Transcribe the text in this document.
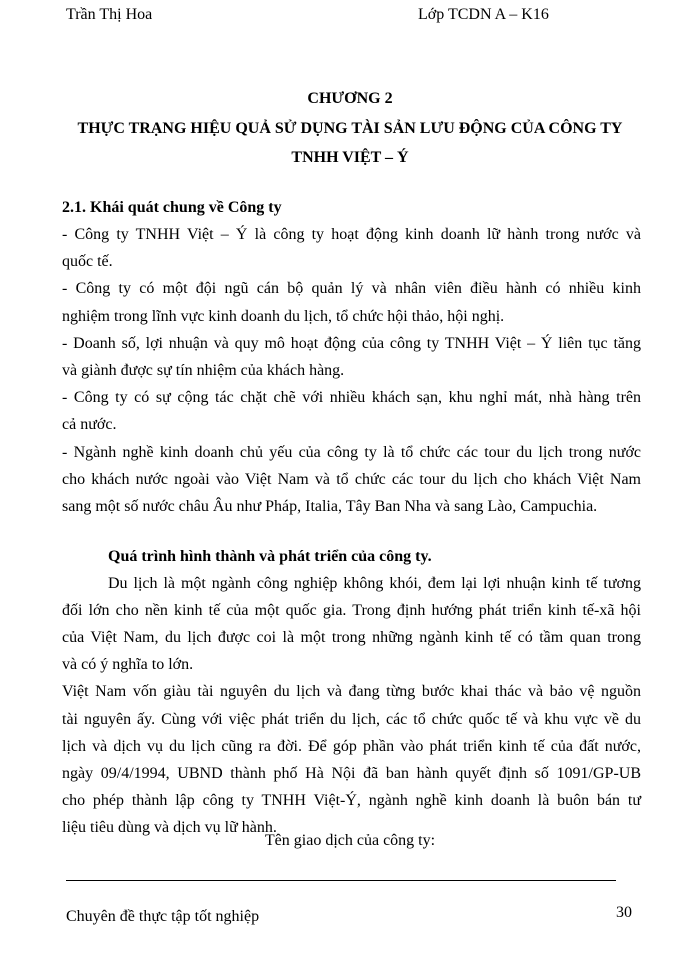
Trần Thị Hoa	Lớp TCDN A – K16
CHƯƠNG 2
THỰC TRẠNG HIỆU QUẢ SỬ DỤNG TÀI SẢN LƯU ĐỘNG CỦA CÔNG TY
TNHH VIỆT – Ý
2.1. Khái quát chung về Công ty
- Công ty TNHH Việt – Ý là công ty hoạt động kinh doanh lữ hành trong nước và
quốc tế.
- Công ty có một đội ngũ cán bộ quản lý và nhân viên điều hành có nhiều kinh
nghiệm trong lĩnh vực kinh doanh du lịch, tổ chức hội thảo, hội nghị.
- Doanh số, lợi nhuận và quy mô hoạt động của công ty TNHH Việt – Ý liên tục tăng
và giành được sự tín nhiệm của khách hàng.
- Công ty có sự cộng tác chặt chẽ với nhiều khách sạn, khu nghỉ mát, nhà hàng trên
cả nước.
- Ngành nghề kinh doanh chủ yếu của công ty là tổ chức các tour du lịch trong nước
cho khách nước ngoài vào Việt Nam và tổ chức các tour du lịch cho khách Việt Nam
sang một số nước châu Âu như Pháp, Italia, Tây Ban Nha và sang Lào, Campuchia.
Quá trình hình thành và phát triển của công ty.
Du lịch là một ngành công nghiệp không khói, đem lại lợi nhuận kinh tế tương
đối lớn cho nền kinh tế của một quốc gia. Trong định hướng phát triển kinh tế-xã hội
của Việt Nam, du lịch được coi là một trong những ngành kinh tế có tầm quan trong
và có ý nghĩa to lớn.
Việt Nam vốn giàu tài nguyên du lịch và đang từng bước khai thác và bảo vệ nguồn
tài nguyên ấy. Cùng với việc phát triển du lịch, các tổ chức quốc tế và khu vực về du
lịch và dịch vụ du lịch cũng ra đời. Để góp phần vào phát triển kinh tế của đất nước,
ngày 09/4/1994, UBND thành phố Hà Nội đã ban hành quyết định số 1091/GP-UB
cho phép thành lập công ty TNHH Việt-Ý, ngành nghề kinh doanh là buôn bán tư
liệu tiêu dùng và dịch vụ lữ hành.
Tên giao dịch của công ty:
Chuyên đề thực tập tốt nghiệp	30
